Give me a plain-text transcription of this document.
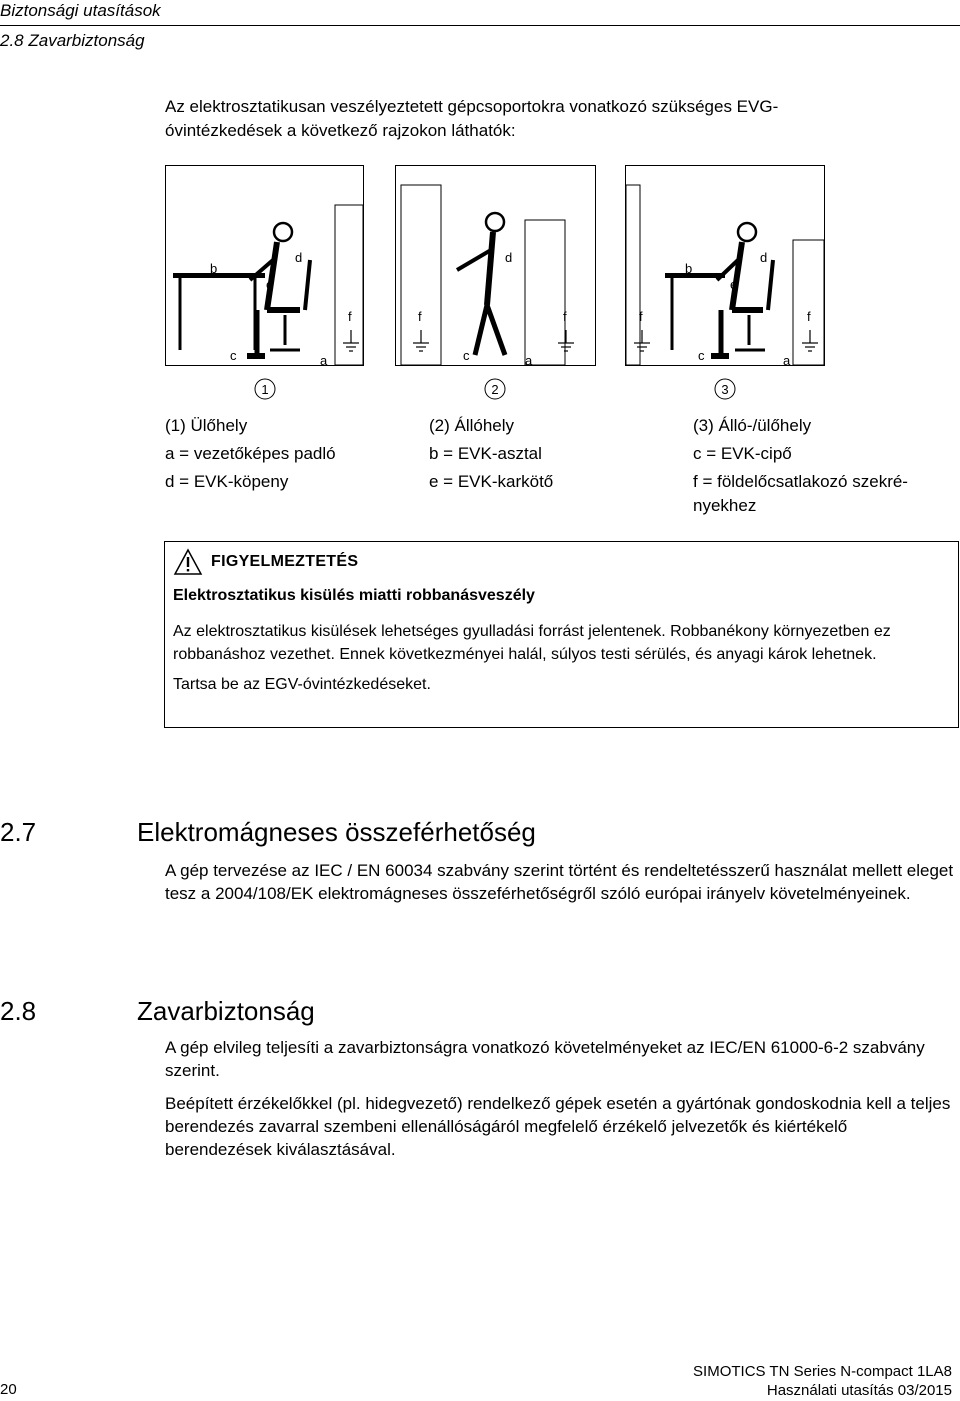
Biztonsági utasítások
2.8 Zavarbiztonság
Az elektrosztatikusan veszélyeztetett gépcsoportokra vonatkozó szükséges EVG-óvintézkedések a következő rajzokon láthatók:
b
e
d
f
c	a
d
f	f
c	a
b
e
d
f	f
c	a
1	2	3
(1) Ülőhely
a = vezetőképes padló
d = EVK-köpeny
(2) Állóhely
b = EVK-asztal
e = EVK-karkötő
(3) Álló-/ülőhely
c = EVK-cipő
f = földelőcsatlakozó szekré-
nyekhez
FIGYELMEZTETÉS
Elektrosztatikus kisülés miatti robbanásveszély

Az elektrosztatikus kisülések lehetséges gyulladási forrást jelentenek. Robbanékony környezetben ez robbanáshoz vezethet. Ennek következményei halál, súlyos testi sérülés, és anyagi károk lehetnek.

Tartsa be az EGV-óvintézkedéseket.

2.7	Elektromágneses összeférhetőség

A gép tervezése az IEC / EN 60034 szabvány szerint történt és rendeltetésszerű használat mellett eleget tesz a 2004/108/EK elektromágneses összeférhetőségről szóló európai irányelv követelményeinek.

2.8	Zavarbiztonság

A gép elvileg teljesíti a zavarbiztonságra vonatkozó követelményeket az IEC/EN 61000-6-2 szabvány szerint.

Beépített érzékelőkkel (pl. hidegvezető) rendelkező gépek esetén a gyártónak gondoskodnia kell a teljes berendezés zavarral szembeni ellenállóságáról megfelelő érzékelő jelvezetők és kiértékelő berendezések kiválasztásával.

20
SIMOTICS TN Series N-compact 1LA8
Használati utasítás 03/2015
